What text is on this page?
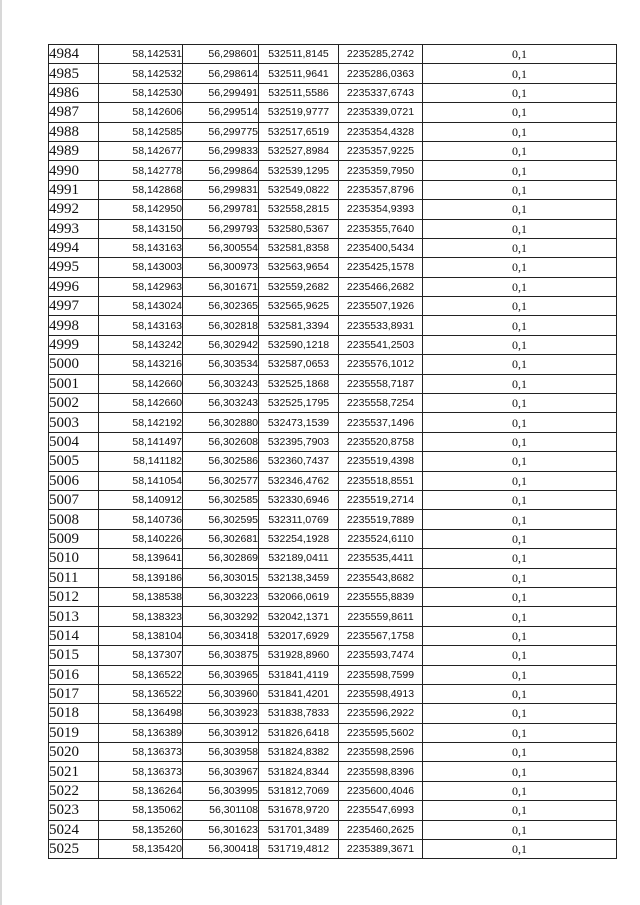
4984	58,142531	56,298601	532511,8145	2235285,2742	0,1
4985	58,142532	56,298614	532511,9641	2235286,0363	0,1
4986	58,142530	56,299491	532511,5586	2235337,6743	0,1
4987	58,142606	56,299514	532519,9777	2235339,0721	0,1
4988	58,142585	56,299775	532517,6519	2235354,4328	0,1
4989	58,142677	56,299833	532527,8984	2235357,9225	0,1
4990	58,142778	56,299864	532539,1295	2235359,7950	0,1
4991	58,142868	56,299831	532549,0822	2235357,8796	0,1
4992	58,142950	56,299781	532558,2815	2235354,9393	0,1
4993	58,143150	56,299793	532580,5367	2235355,7640	0,1
4994	58,143163	56,300554	532581,8358	2235400,5434	0,1
4995	58,143003	56,300973	532563,9654	2235425,1578	0,1
4996	58,142963	56,301671	532559,2682	2235466,2682	0,1
4997	58,143024	56,302365	532565,9625	2235507,1926	0,1
4998	58,143163	56,302818	532581,3394	2235533,8931	0,1
4999	58,143242	56,302942	532590,1218	2235541,2503	0,1
5000	58,143216	56,303534	532587,0653	2235576,1012	0,1
5001	58,142660	56,303243	532525,1868	2235558,7187	0,1
5002	58,142660	56,303243	532525,1795	2235558,7254	0,1
5003	58,142192	56,302880	532473,1539	2235537,1496	0,1
5004	58,141497	56,302608	532395,7903	2235520,8758	0,1
5005	58,141182	56,302586	532360,7437	2235519,4398	0,1
5006	58,141054	56,302577	532346,4762	2235518,8551	0,1
5007	58,140912	56,302585	532330,6946	2235519,2714	0,1
5008	58,140736	56,302595	532311,0769	2235519,7889	0,1
5009	58,140226	56,302681	532254,1928	2235524,6110	0,1
5010	58,139641	56,302869	532189,0411	2235535,4411	0,1
5011	58,139186	56,303015	532138,3459	2235543,8682	0,1
5012	58,138538	56,303223	532066,0619	2235555,8839	0,1
5013	58,138323	56,303292	532042,1371	2235559,8611	0,1
5014	58,138104	56,303418	532017,6929	2235567,1758	0,1
5015	58,137307	56,303875	531928,8960	2235593,7474	0,1
5016	58,136522	56,303965	531841,4119	2235598,7599	0,1
5017	58,136522	56,303960	531841,4201	2235598,4913	0,1
5018	58,136498	56,303923	531838,7833	2235596,2922	0,1
5019	58,136389	56,303912	531826,6418	2235595,5602	0,1
5020	58,136373	56,303958	531824,8382	2235598,2596	0,1
5021	58,136373	56,303967	531824,8344	2235598,8396	0,1
5022	58,136264	56,303995	531812,7069	2235600,4046	0,1
5023	58,135062	56,301108	531678,9720	2235547,6993	0,1
5024	58,135260	56,301623	531701,3489	2235460,2625	0,1
5025	58,135420	56,300418	531719,4812	2235389,3671	0,1
